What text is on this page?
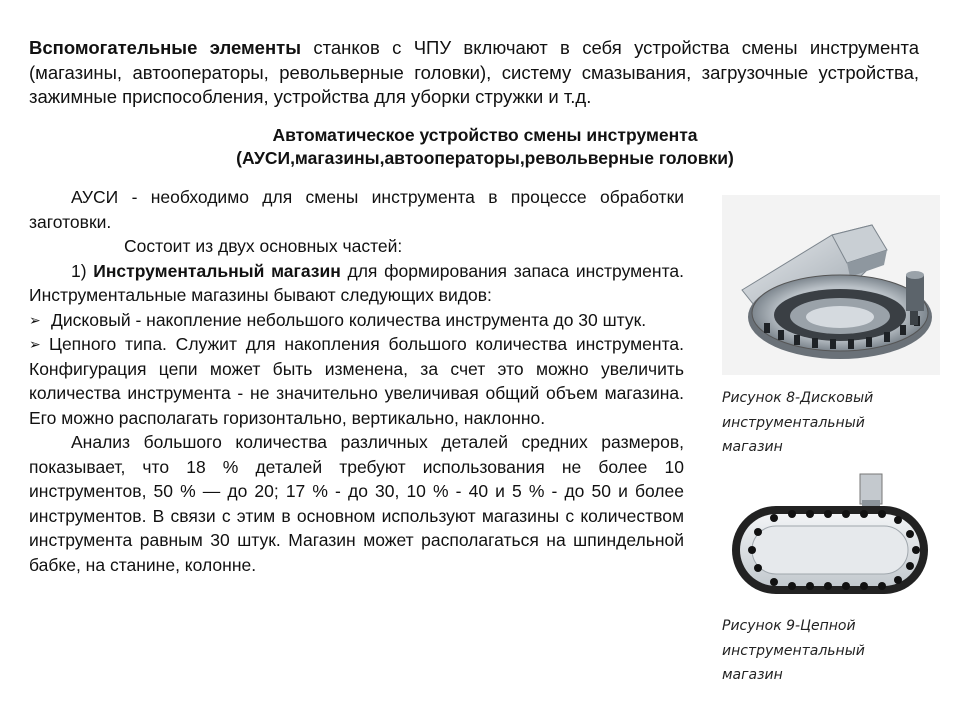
Вспомогательные элементы станков с ЧПУ включают в себя устройства смены инструмента (магазины, автооператоры, револьверные головки), систему смазывания, загрузочные устройства, зажимные приспособления, устройства для уборки стружки и т.д.
Автоматическое устройство смены инструмента
(АУСИ,магазины,автооператоры,револьверные головки)

АУСИ - необходимо для смены инструмента в процессе обработки заготовки.

Состоит из двух основных частей:

1) Инструментальный магазин для формирования запаса инструмента. Инструментальные магазины бывают следующих видов:

➢ Дисковый - накопление небольшого количества инструмента до 30 штук.
➢ Цепного типа. Служит для накопления большого количества инструмента. Конфигурация цепи может быть изменена, за счет это можно увеличить количества инструмента - не значительно увеличивая общий объем магазина. Его можно располагать горизонтально, вертикально, наклонно.

Анализ большого количества различных деталей средних размеров, показывает, что 18 % деталей требуют использования не более 10 инструментов, 50 % — до 20; 17 % - до 30, 10 % - 40 и 5 % - до 50 и более инструментов. В связи с этим в основном используют магазины с количеством инструмента равным 30 штук. Магазин может располагаться на шпиндельной бабке, на станине, колонне.

Рисунок 8-Дисковый
инструментальный
магазин
Рисунок 9-Цепной
инструментальный
магазин
